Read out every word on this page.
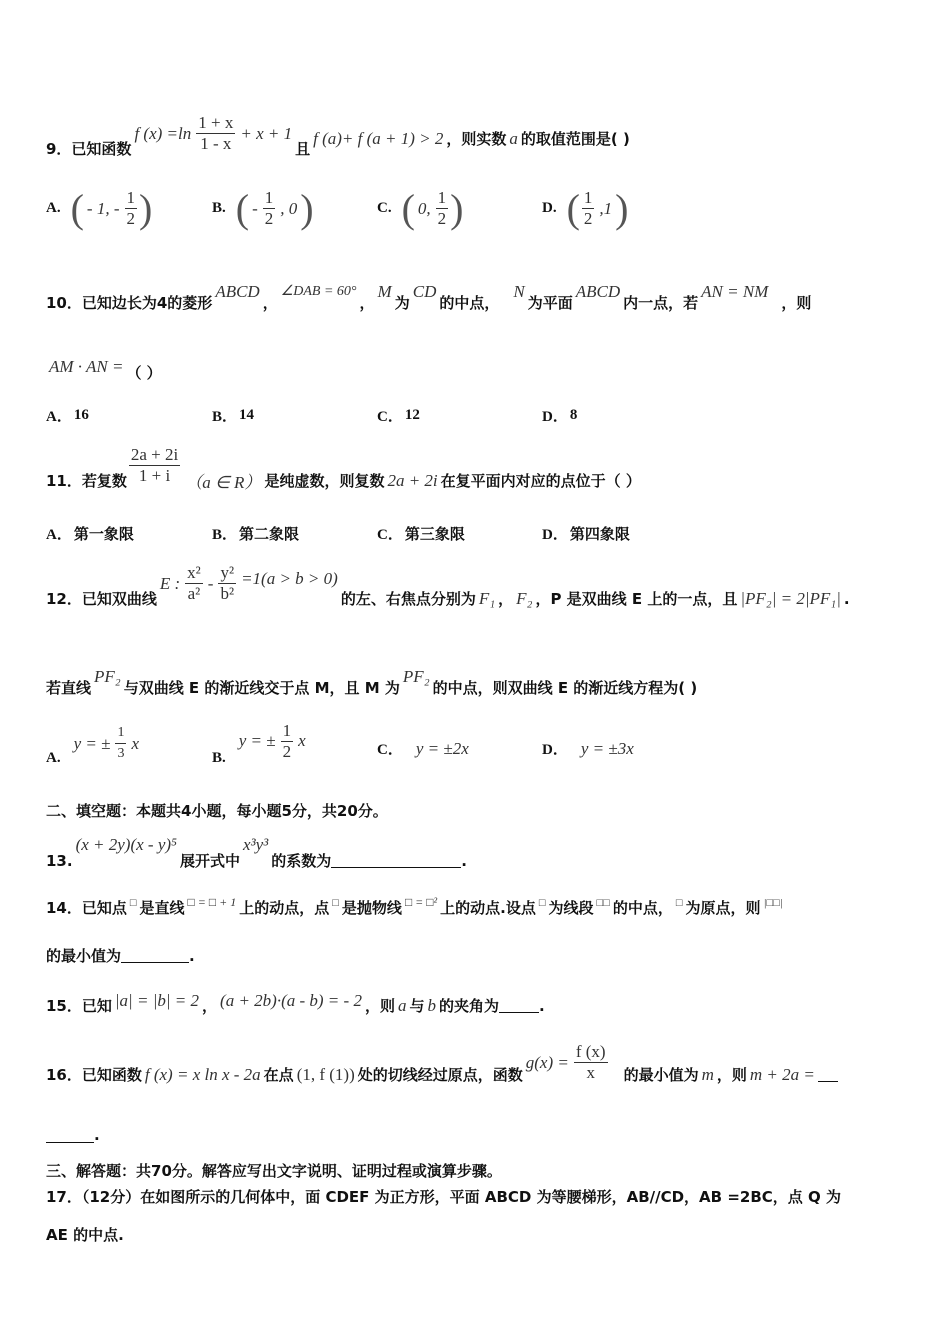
9．已知函数
f $(x) =\ln \frac{1 + x}{1 - x} + x + 1$
且
f (a)+ f (a + 1) > 2 ，则实数 a 的取值范围是( )
A. ( - 1, - $\frac{1}{2}$ )	B. ( - $\frac{1}{2}$ , 0 )	C. ( 0, $\frac{1}{2}$ )	D. ( $\frac{1}{2} ,1$ )
10．已知边长为4的菱形
ABCD
，
∠DAB = 60°
，
M
为
CD
的中点，
N
为平面
ABCD
内一点，若
AN = NM
，则
AM · AN = （ ）
A． 16	B． 14	C． 12	D． 8
11．若复数 $\frac{2a + 2i}{1 + i} (a$ ∈ R） 是纯虚数，则复数 2a + 2i 在复平面内对应的点位于（ ）
A． 第一象限	B． 第二象限	C． 第三象限	D． 第四象限
12．已知双曲线
E : $\frac{\text{x²}}{\text{a²}} - \frac{\text{y²}}{\text{b²}} =1(a > b > 0)$
的左、右焦点分别为 F₁ ， F₂ ，P 是双曲线 E 上的一点，且 |PF₂| = 2|PF₁| .
若直线
PF₂
与双曲线 E 的渐近线交于点 M，且 M 为
PF₂
的中点，则双曲线 E 的渐近线方程为( )
A.
y = ± $\frac{1}{3}$ x
B.
y = ± $\frac{1}{2}$ x	C． y = ±2x	D． y = ±3x
二、填空题：本题共4小题，每小题5分，共20分。
13.
(x + 2y)(x - y)⁵
展开式中
x³y³
的系数为	.
14．已知点 □ 是直线 □ = □ + 1 上的动点，点 □ 是抛物线 □ = □² 上的动点.设点 □ 为线段 □□ 的中点， □ 为原点，则 |□□|
的最小值为	.
15．已知 |a| = |b| = 2 ， (a + 2b)·(a - b) = - 2 ，则 a 与 b 的夹角为	.
16．已知函数 f (x) = x ln x - 2a 在点 (1, f (1)) 处的切线经过原点，函数
$g(x) = \frac{f (x)}{x}$ 的最小值为 m ，则 m + 2a =
.
三、解答题：共70分。解答应写出文字说明、证明过程或演算步骤。
17．（12分）在如图所示的几何体中，面 CDEF 为正方形，平面 ABCD 为等腰梯形，AB//CD，AB =2BC，点 Q 为
AE 的中点.
